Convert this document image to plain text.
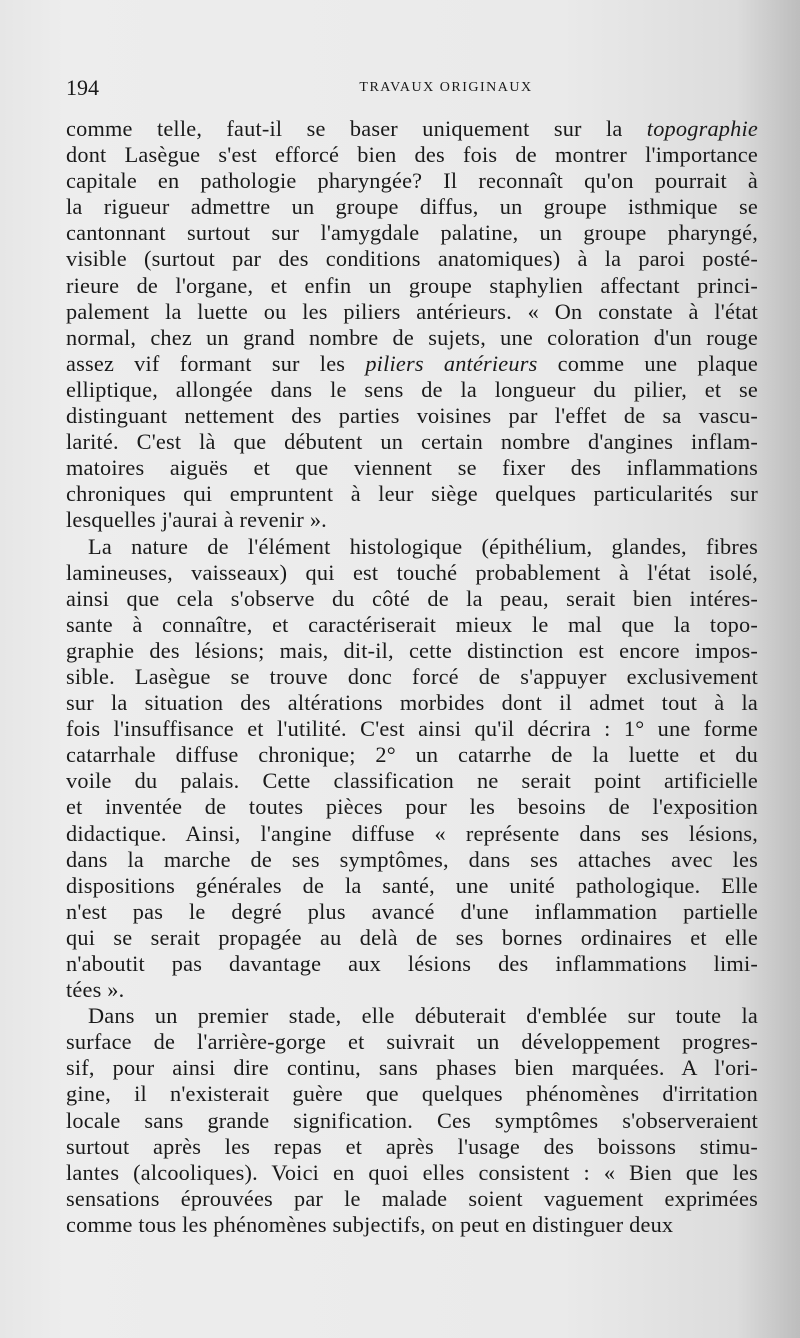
194	TRAVAUX ORIGINAUX
comme telle, faut-il se baser uniquement sur la topographie
dont Lasègue s'est efforcé bien des fois de montrer l'importance
capitale en pathologie pharyngée? Il reconnaît qu'on pourrait à
la rigueur admettre un groupe diffus, un groupe isthmique se
cantonnant surtout sur l'amygdale palatine, un groupe pharyngé,
visible (surtout par des conditions anatomiques) à la paroi posté-
rieure de l'organe, et enfin un groupe staphylien affectant princi-
palement la luette ou les piliers antérieurs. « On constate à l'état
normal, chez un grand nombre de sujets, une coloration d'un rouge
assez vif formant sur les piliers antérieurs comme une plaque
elliptique, allongée dans le sens de la longueur du pilier, et se
distinguant nettement des parties voisines par l'effet de sa vascu-
larité. C'est là que débutent un certain nombre d'angines inflam-
matoires aiguës et que viennent se fixer des inflammations
chroniques qui empruntent à leur siège quelques particularités sur
lesquelles j'aurai à revenir ».
La nature de l'élément histologique (épithélium, glandes, fibres
lamineuses, vaisseaux) qui est touché probablement à l'état isolé,
ainsi que cela s'observe du côté de la peau, serait bien intéres-
sante à connaître, et caractériserait mieux le mal que la topo-
graphie des lésions; mais, dit-il, cette distinction est encore impos-
sible. Lasègue se trouve donc forcé de s'appuyer exclusivement
sur la situation des altérations morbides dont il admet tout à la
fois l'insuffisance et l'utilité. C'est ainsi qu'il décrira : 1° une forme
catarrhale diffuse chronique; 2° un catarrhe de la luette et du
voile du palais. Cette classification ne serait point artificielle
et inventée de toutes pièces pour les besoins de l'exposition
didactique. Ainsi, l'angine diffuse « représente dans ses lésions,
dans la marche de ses symptômes, dans ses attaches avec les
dispositions générales de la santé, une unité pathologique. Elle
n'est pas le degré plus avancé d'une inflammation partielle
qui se serait propagée au delà de ses bornes ordinaires et elle
n'aboutit pas davantage aux lésions des inflammations limi-
tées ».
Dans un premier stade, elle débuterait d'emblée sur toute la
surface de l'arrière-gorge et suivrait un développement progres-
sif, pour ainsi dire continu, sans phases bien marquées. A l'ori-
gine, il n'existerait guère que quelques phénomènes d'irritation
locale sans grande signification. Ces symptômes s'observeraient
surtout après les repas et après l'usage des boissons stimu-
lantes (alcooliques). Voici en quoi elles consistent : « Bien que les
sensations éprouvées par le malade soient vaguement exprimées
comme tous les phénomènes subjectifs, on peut en distinguer deux
